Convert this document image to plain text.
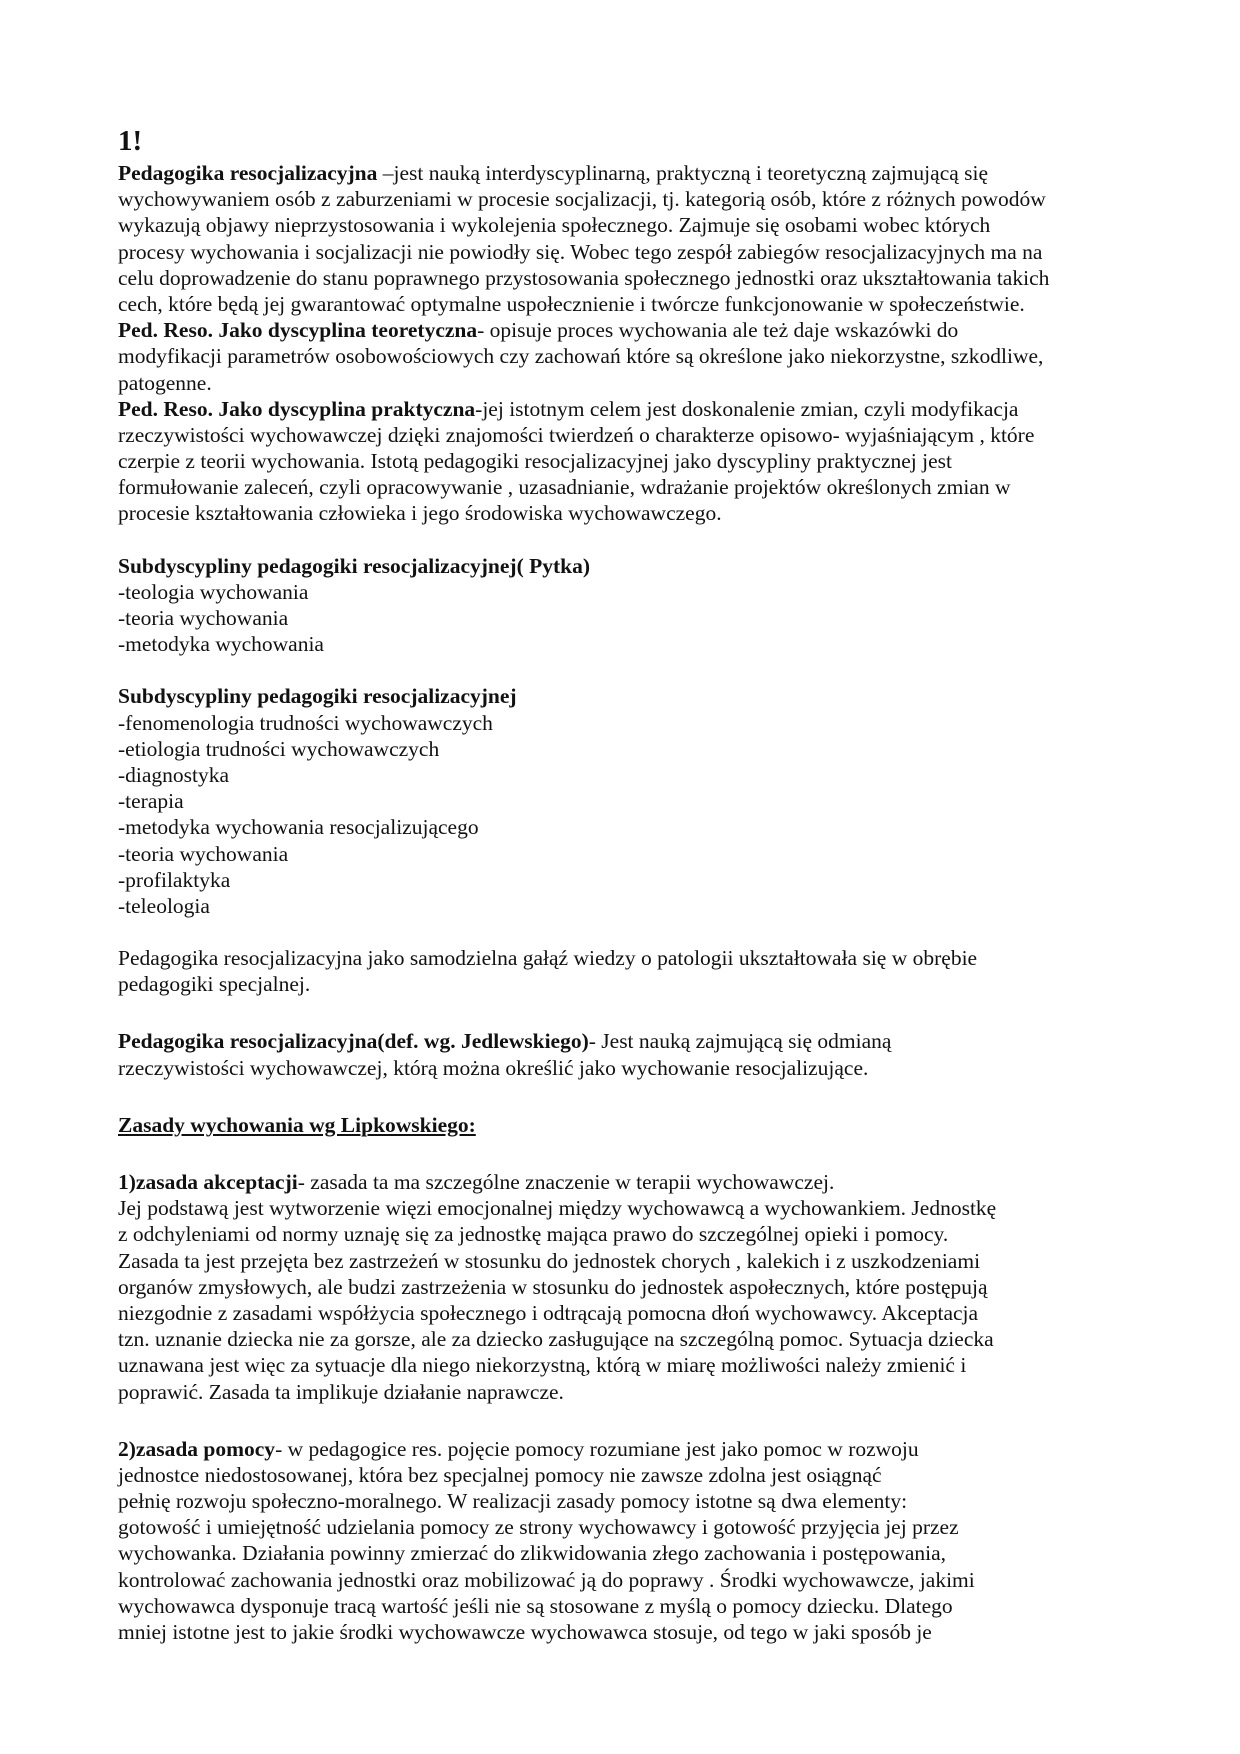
1!
Pedagogika resocjalizacyjna –jest nauką interdyscyplinarną, praktyczną i teoretyczną zajmującą się
wychowywaniem osób z zaburzeniami w procesie socjalizacji, tj. kategorią osób, które z różnych powodów
wykazują objawy nieprzystosowania i wykolejenia społecznego. Zajmuje się osobami wobec których
procesy wychowania i socjalizacji nie powiodły się. Wobec tego zespół zabiegów resocjalizacyjnych ma na
celu doprowadzenie do stanu poprawnego przystosowania społecznego jednostki oraz ukształtowania takich
cech, które będą jej gwarantować optymalne uspołecznienie i twórcze funkcjonowanie w społeczeństwie.
Ped. Reso. Jako dyscyplina teoretyczna- opisuje proces wychowania ale też daje wskazówki do
modyfikacji parametrów osobowościowych czy zachowań które są określone jako niekorzystne, szkodliwe,
patogenne.
Ped. Reso. Jako dyscyplina praktyczna-jej istotnym celem jest doskonalenie zmian, czyli modyfikacja
rzeczywistości wychowawczej dzięki znajomości twierdzeń o charakterze opisowo- wyjaśniającym , które
czerpie z teorii wychowania. Istotą pedagogiki resocjalizacyjnej jako dyscypliny praktycznej jest
formułowanie zaleceń, czyli opracowywanie , uzasadnianie, wdrażanie projektów określonych zmian w
procesie kształtowania człowieka i jego środowiska wychowawczego.
Subdyscypliny pedagogiki resocjalizacyjnej( Pytka)
-teologia wychowania
-teoria wychowania
-metodyka wychowania
Subdyscypliny pedagogiki resocjalizacyjnej
-fenomenologia trudności wychowawczych
-etiologia trudności wychowawczych
-diagnostyka
-terapia
-metodyka wychowania resocjalizującego
-teoria wychowania
-profilaktyka
-teleologia
Pedagogika resocjalizacyjna jako samodzielna gałąź wiedzy o patologii ukształtowała się w obrębie
pedagogiki specjalnej.
Pedagogika resocjalizacyjna(def. wg. Jedlewskiego)- Jest nauką zajmującą się odmianą
rzeczywistości wychowawczej, którą można określić jako wychowanie resocjalizujące.
Zasady wychowania wg Lipkowskiego:
1)zasada akceptacji- zasada ta ma szczególne znaczenie w terapii wychowawczej.
Jej podstawą jest wytworzenie więzi emocjonalnej między wychowawcą a wychowankiem. Jednostkę
z odchyleniami od normy uznaję się za jednostkę mająca prawo do szczególnej opieki i pomocy.
Zasada ta jest przejęta bez zastrzeżeń w stosunku do jednostek chorych , kalekich i z uszkodzeniami
organów zmysłowych, ale budzi zastrzeżenia w stosunku do jednostek aspołecznych, które postępują
niezgodnie z zasadami współżycia społecznego i odtrącają pomocna dłoń wychowawcy. Akceptacja
tzn. uznanie dziecka nie za gorsze, ale za dziecko zasługujące na szczególną pomoc. Sytuacja dziecka
uznawana jest więc za sytuacje dla niego niekorzystną, którą w miarę możliwości należy zmienić i
poprawić. Zasada ta implikuje działanie naprawcze.
2)zasada pomocy- w pedagogice res. pojęcie pomocy rozumiane jest jako pomoc w rozwoju
jednostce niedostosowanej, która bez specjalnej pomocy nie zawsze zdolna jest osiągnąć
pełnię rozwoju społeczno-moralnego. W realizacji zasady pomocy istotne są dwa elementy:
gotowość i umiejętność udzielania pomocy ze strony wychowawcy i gotowość przyjęcia jej przez
wychowanka. Działania powinny zmierzać do zlikwidowania złego zachowania i postępowania,
kontrolować zachowania jednostki oraz mobilizować ją do poprawy . Środki wychowawcze, jakimi
wychowawca dysponuje tracą wartość jeśli nie są stosowane z myślą o pomocy dziecku. Dlatego
mniej istotne jest to jakie środki wychowawcze wychowawca stosuje, od tego w jaki sposób je
